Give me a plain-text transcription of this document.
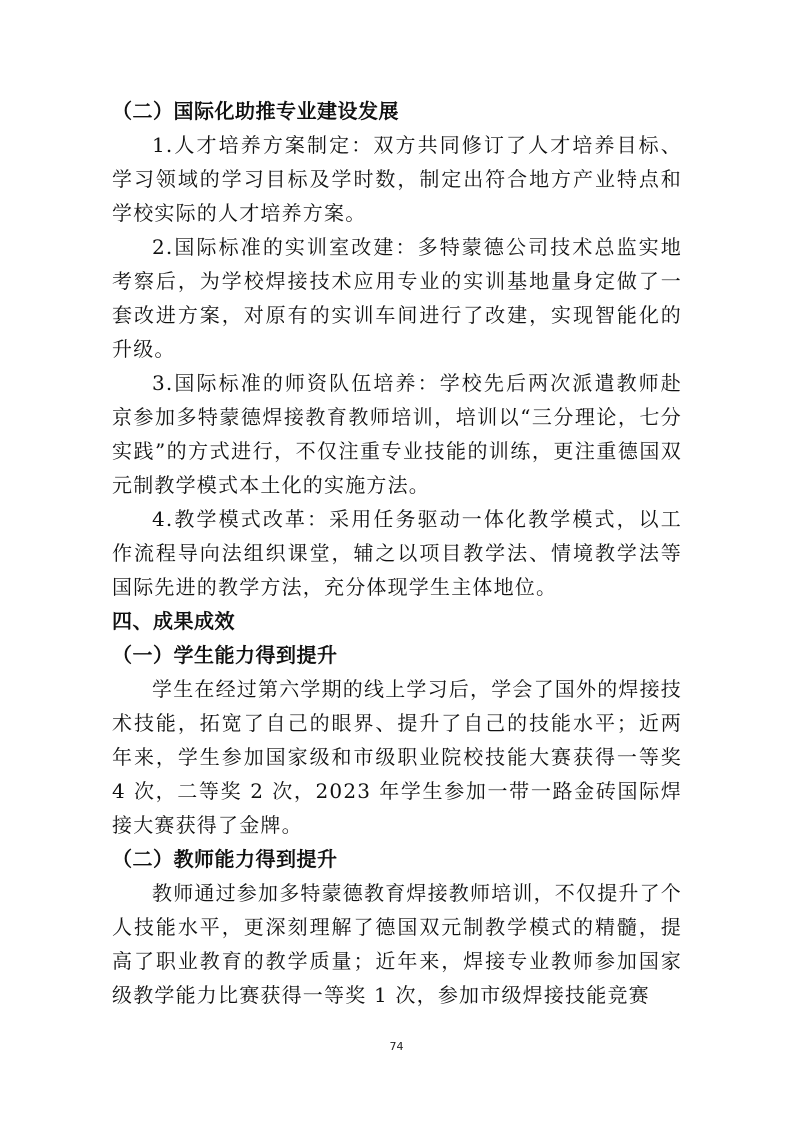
（二）国际化助推专业建设发展

1.人才培养方案制定：双方共同修订了人才培养目标、学习领域的学习目标及学时数，制定出符合地方产业特点和学校实际的人才培养方案。

2.国际标准的实训室改建：多特蒙德公司技术总监实地考察后，为学校焊接技术应用专业的实训基地量身定做了一套改进方案，对原有的实训车间进行了改建，实现智能化的升级。

3.国际标准的师资队伍培养：学校先后两次派遣教师赴京参加多特蒙德焊接教育教师培训，培训以“三分理论，七分实践”的方式进行，不仅注重专业技能的训练，更注重德国双元制教学模式本土化的实施方法。

4.教学模式改革：采用任务驱动一体化教学模式，以工作流程导向法组织课堂，辅之以项目教学法、情境教学法等国际先进的教学方法，充分体现学生主体地位。

四、成果成效
（一）学生能力得到提升

学生在经过第六学期的线上学习后，学会了国外的焊接技术技能，拓宽了自己的眼界、提升了自己的技能水平；近两年来，学生参加国家级和市级职业院校技能大赛获得一等奖 4 次，二等奖 2 次，2023 年学生参加一带一路金砖国际焊接大赛获得了金牌。

（二）教师能力得到提升

教师通过参加多特蒙德教育焊接教师培训，不仅提升了个人技能水平，更深刻理解了德国双元制教学模式的精髓，提高了职业教育的教学质量；近年来，焊接专业教师参加国家级教学能力比赛获得一等奖 1 次，参加市级焊接技能竞赛

74
